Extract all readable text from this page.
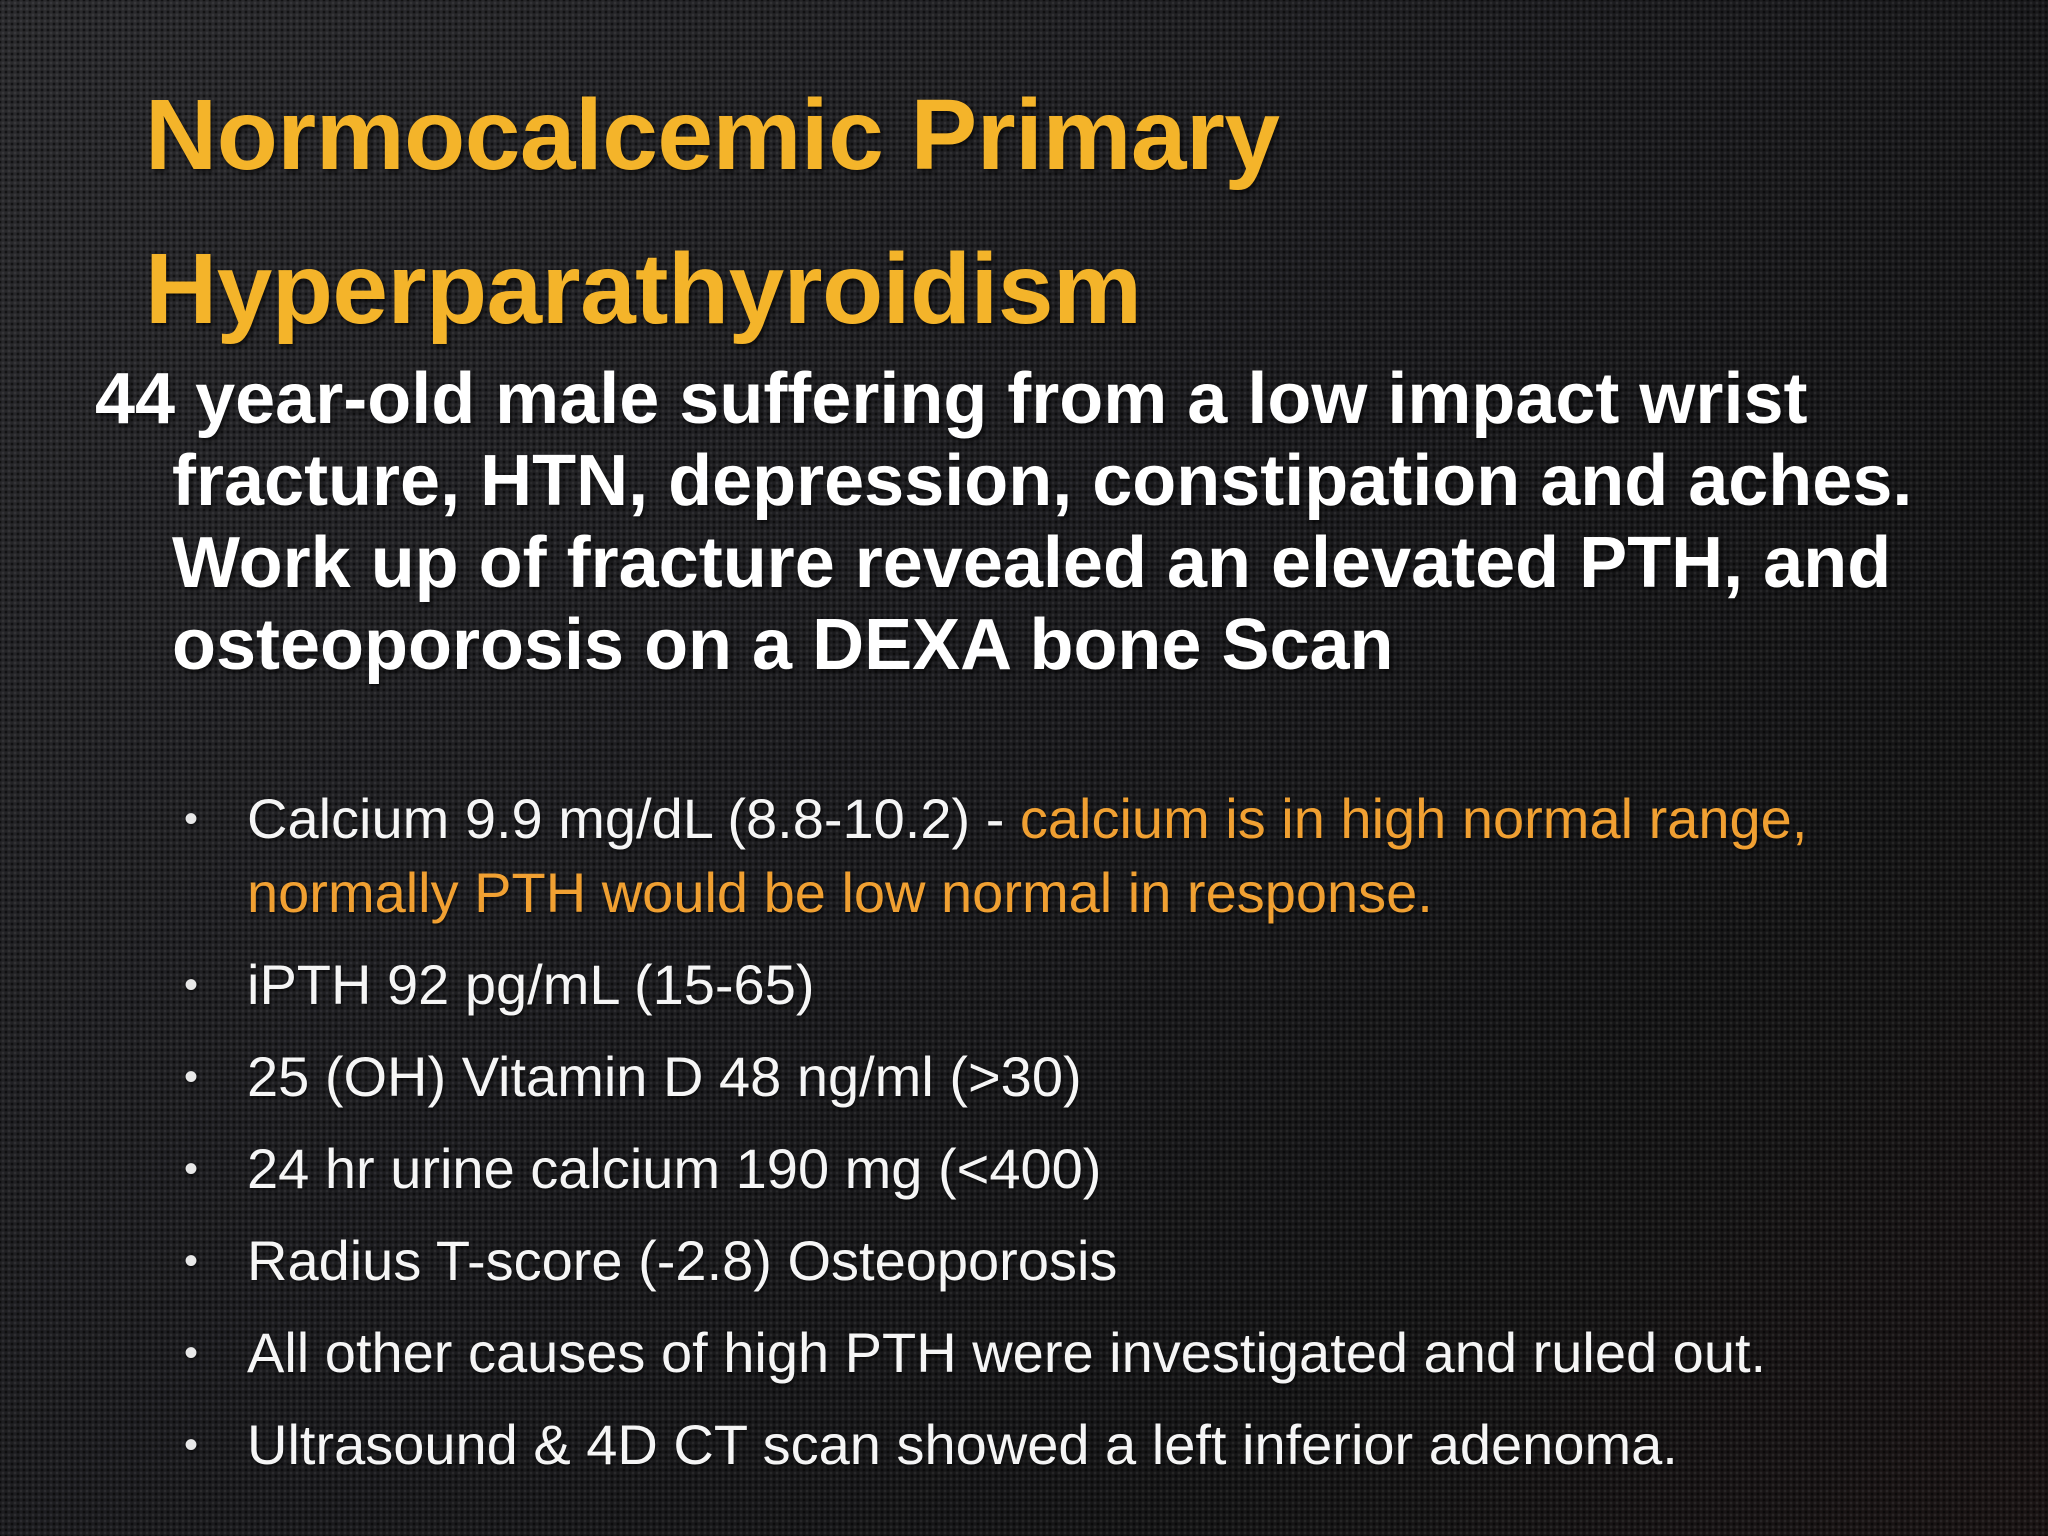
Normocalcemic Primary
Hyperparathyroidism

44 year-old male suffering from a low impact wrist fracture, HTN, depression, constipation and aches. Work up of fracture revealed an elevated PTH, and osteoporosis on a DEXA bone Scan

• Calcium 9.9 mg/dL (8.8-10.2) - calcium is in high normal range, normally PTH would be low normal in response.
• iPTH 92 pg/mL (15-65)
• 25 (OH) Vitamin D 48 ng/ml (>30)
• 24 hr urine calcium 190 mg (<400)
• Radius T-score (-2.8) Osteoporosis
• All other causes of high PTH were investigated and ruled out.
• Ultrasound & 4D CT scan showed a left inferior adenoma.
